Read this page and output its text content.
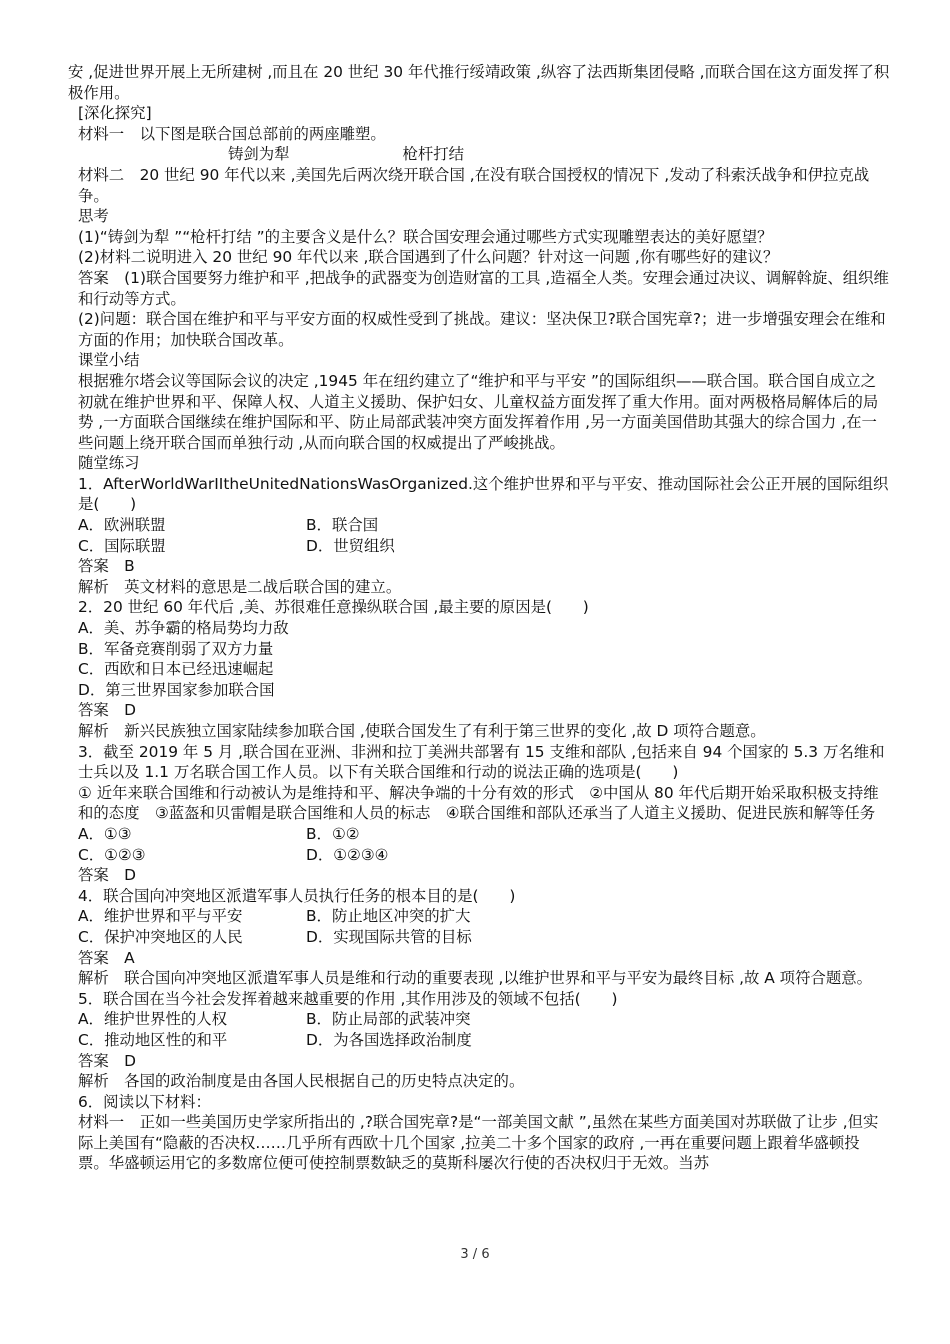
安 ,促进世界开展上无所建树 ,而且在 20 世纪 30 年代推行绥靖政策 ,纵容了法西斯集团侵略 ,而联合国在这方面发挥了积极作用。

[深化探究]

材料一　以下图是联合国总部前的两座雕塑。

铸剑为犁	枪杆打结

材料二　20 世纪 90 年代以来 ,美国先后两次绕开联合国 ,在没有联合国授权的情况下 ,发动了科索沃战争和伊拉克战争。

思考

(1)“铸剑为犁 ”“枪杆打结 ”的主要含义是什么？联合国安理会通过哪些方式实现雕塑表达的美好愿望？

(2)材料二说明进入 20 世纪 90 年代以来 ,联合国遇到了什么问题？针对这一问题 ,你有哪些好的建议？

答案　(1)联合国要努力维护和平 ,把战争的武器变为创造财富的工具 ,造福全人类。安理会通过决议、调解斡旋、组织维和行动等方式。

(2)问题：联合国在维护和平与平安方面的权威性受到了挑战。建议：坚决保卫?联合国宪章?；进一步增强安理会在维和方面的作用；加快联合国改革。

课堂小结

根据雅尔塔会议等国际会议的决定 ,1945 年在纽约建立了“维护和平与平安 ”的国际组织——联合国。联合国自成立之初就在维护世界和平、保障人权、人道主义援助、保护妇女、儿童权益方面发挥了重大作用。面对两极格局解体后的局势 ,一方面联合国继续在维护国际和平、防止局部武装冲突方面发挥着作用 ,另一方面美国借助其强大的综合国力 ,在一些问题上绕开联合国而单独行动 ,从而向联合国的权威提出了严峻挑战。

随堂练习

1．AfterWorldWarIItheUnitedNationsWasOrganized.这个维护世界和平与平安、推动国际社会公正开展的国际组织是(　　)

A．欧洲联盟	B．联合国
C．国际联盟	D．世贸组织

答案　B

解析　英文材料的意思是二战后联合国的建立。

2．20 世纪 60 年代后 ,美、苏很难任意操纵联合国 ,最主要的原因是(　　)

A．美、苏争霸的格局势均力敌

B．军备竞赛削弱了双方力量

C．西欧和日本已经迅速崛起

D．第三世界国家参加联合国

答案　D

解析　新兴民族独立国家陆续参加联合国 ,使联合国发生了有利于第三世界的变化 ,故 D 项符合题意。

3．截至 2019 年 5 月 ,联合国在亚洲、非洲和拉丁美洲共部署有 15 支维和部队 ,包括来自 94 个国家的 5.3 万名维和士兵以及 1.1 万名联合国工作人员。以下有关联合国维和行动的说法正确的选项是(　　)

① 近年来联合国维和行动被认为是维持和平、解决争端的十分有效的形式　②中国从 80 年代后期开始采取积极支持维和的态度　③蓝盔和贝雷帽是联合国维和人员的标志　④联合国维和部队还承当了人道主义援助、促进民族和解等任务

A．①③	B．①②
C．①②③	D．①②③④

答案　D

4．联合国向冲突地区派遣军事人员执行任务的根本目的是(　　)

A．维护世界和平与平安	B．防止地区冲突的扩大
C．保护冲突地区的人民	D．实现国际共管的目标

答案　A

解析　联合国向冲突地区派遣军事人员是维和行动的重要表现 ,以维护世界和平与平安为最终目标 ,故 A 项符合题意。

5．联合国在当今社会发挥着越来越重要的作用 ,其作用涉及的领域不包括(　　)

A．维护世界性的人权	B．防止局部的武装冲突
C．推动地区性的和平	D．为各国选择政治制度

答案　D

解析　各国的政治制度是由各国人民根据自己的历史特点决定的。

6．阅读以下材料：

材料一　正如一些美国历史学家所指出的 ,?联合国宪章?是“一部美国文献 ”,虽然在某些方面美国对苏联做了让步 ,但实际上美国有“隐蔽的否决权……几乎所有西欧十几个国家 ,拉美二十多个国家的政府 ,一再在重要问题上跟着华盛顿投票。华盛顿运用它的多数席位便可使控制票数缺乏的莫斯科屡次行使的否决权归于无效。当苏

3 / 6
